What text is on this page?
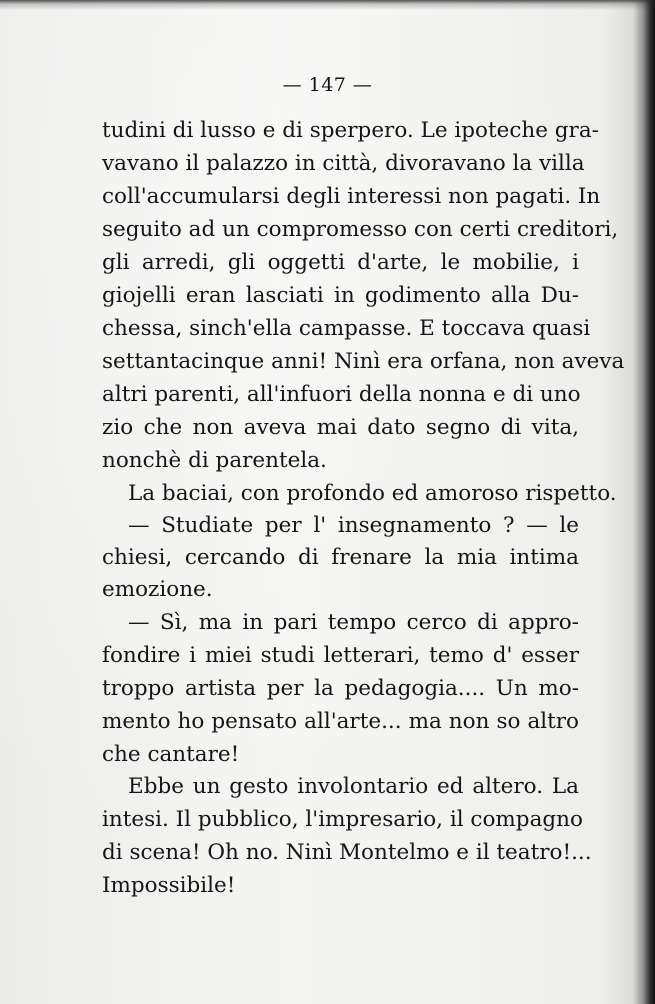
— 147 —
tudini di lusso e di sperpero. Le ipoteche gra-
vavano il palazzo in città, divoravano la villa
coll'accumularsi degli interessi non pagati. In
seguito ad un compromesso con certi creditori,
gli arredi, gli oggetti d'arte, le mobilie, i
giojelli eran lasciati in godimento alla Du-
chessa, sinch'ella campasse. E toccava quasi
settantacinque anni! Ninì era orfana, non aveva
altri parenti, all'infuori della nonna e di uno
zio che non aveva mai dato segno di vita,
nonchè di parentela.
La baciai, con profondo ed amoroso rispetto.
— Studiate per l' insegnamento ? — le
chiesi, cercando di frenare la mia intima
emozione.
— Sì, ma in pari tempo cerco di appro-
fondire i miei studi letterari, temo d' esser
troppo artista per la pedagogia.... Un mo-
mento ho pensato all'arte... ma non so altro
che cantare!
Ebbe un gesto involontario ed altero. La
intesi. Il pubblico, l'impresario, il compagno
di scena! Oh no. Ninì Montelmo e il teatro!...
Impossibile!
